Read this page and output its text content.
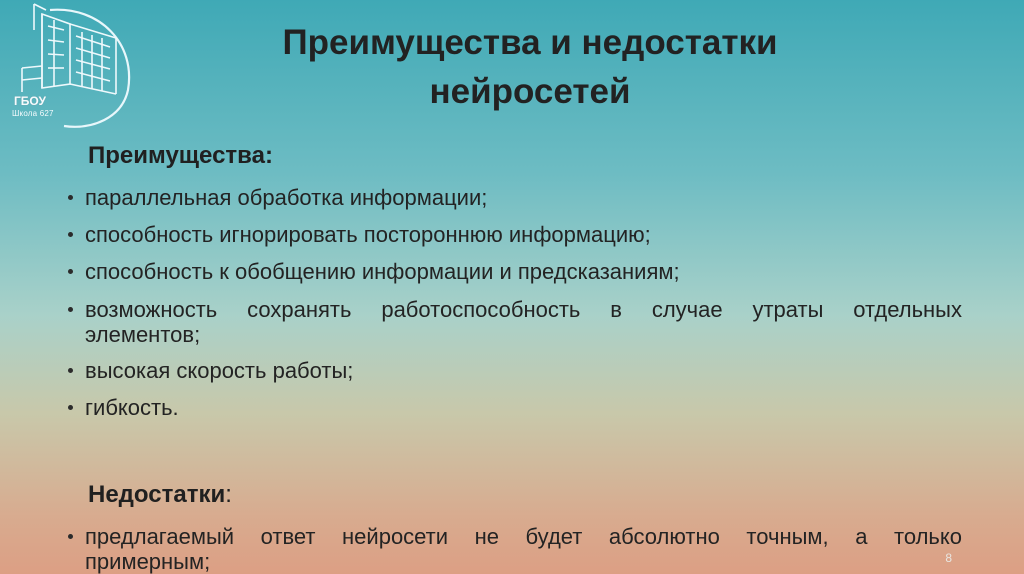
ГБОУ
Школа 627
Преимущества и недостатки
нейросетей
Преимущества:
параллельная обработка информации;
способность игнорировать постороннюю информацию;
способность к обобщению информации и предсказаниям;
возможность сохранять работоспособность в случае утраты отдельных элементов;
высокая скорость работы;
гибкость.
Недостатки:
предлагаемый ответ нейросети не будет абсолютно точным, а только примерным;	8
